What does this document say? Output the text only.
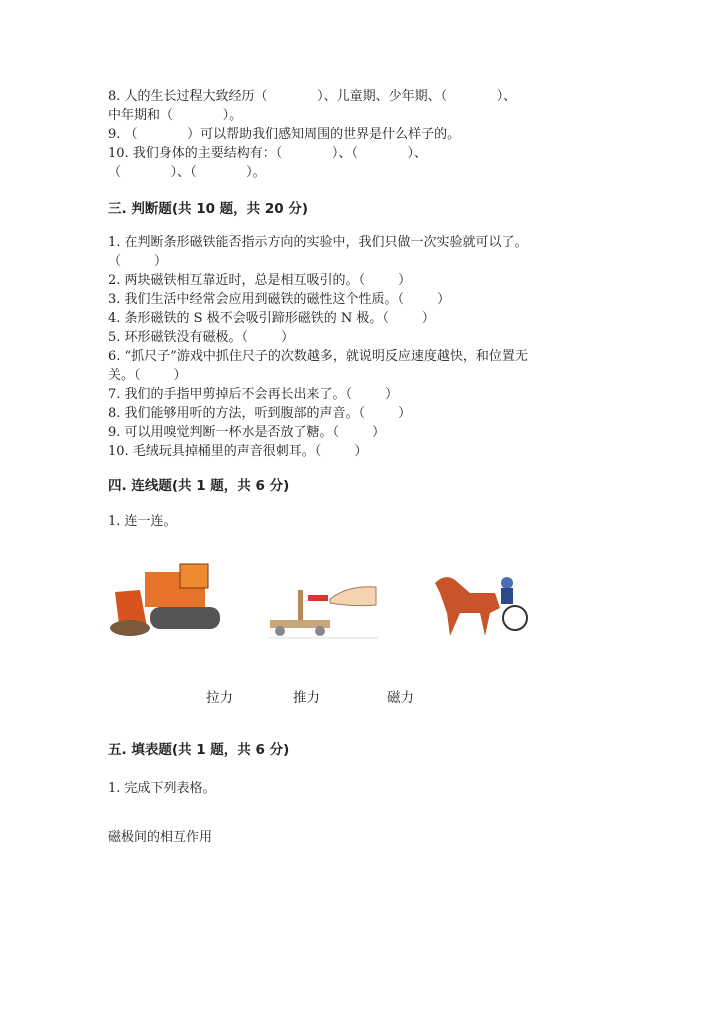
8. 人的生长过程大致经历（            ）、儿童期、少年期、（            ）、
中年期和（            ）。
9. （            ）可以帮助我们感知周围的世界是什么样子的。
10. 我们身体的主要结构有：（            ）、（            ）、
（            ）、（            ）。
三. 判断题(共 10 题，共 20 分)
1. 在判断条形磁铁能否指示方向的实验中，我们只做一次实验就可以了。
（        ）
2. 两块磁铁相互靠近时，总是相互吸引的。（        ）
3. 我们生活中经常会应用到磁铁的磁性这个性质。（        ）
4. 条形磁铁的 S 极不会吸引蹄形磁铁的 N 极。（        ）
5. 环形磁铁没有磁极。（        ）
6. “抓尺子”游戏中抓住尺子的次数越多，就说明反应速度越快，和位置无
关。（        ）
7. 我们的手指甲剪掉后不会再长出来了。（        ）
8. 我们能够用听的方法，听到腹部的声音。（        ）
9. 可以用嗅觉判断一杯水是否放了糖。（        ）
10. 毛绒玩具掉桶里的声音很刺耳。（        ）
四. 连线题(共 1 题，共 6 分)
1. 连一连。
拉力	推力	磁力
五. 填表题(共 1 题，共 6 分)
1. 完成下列表格。
磁极间的相互作用
